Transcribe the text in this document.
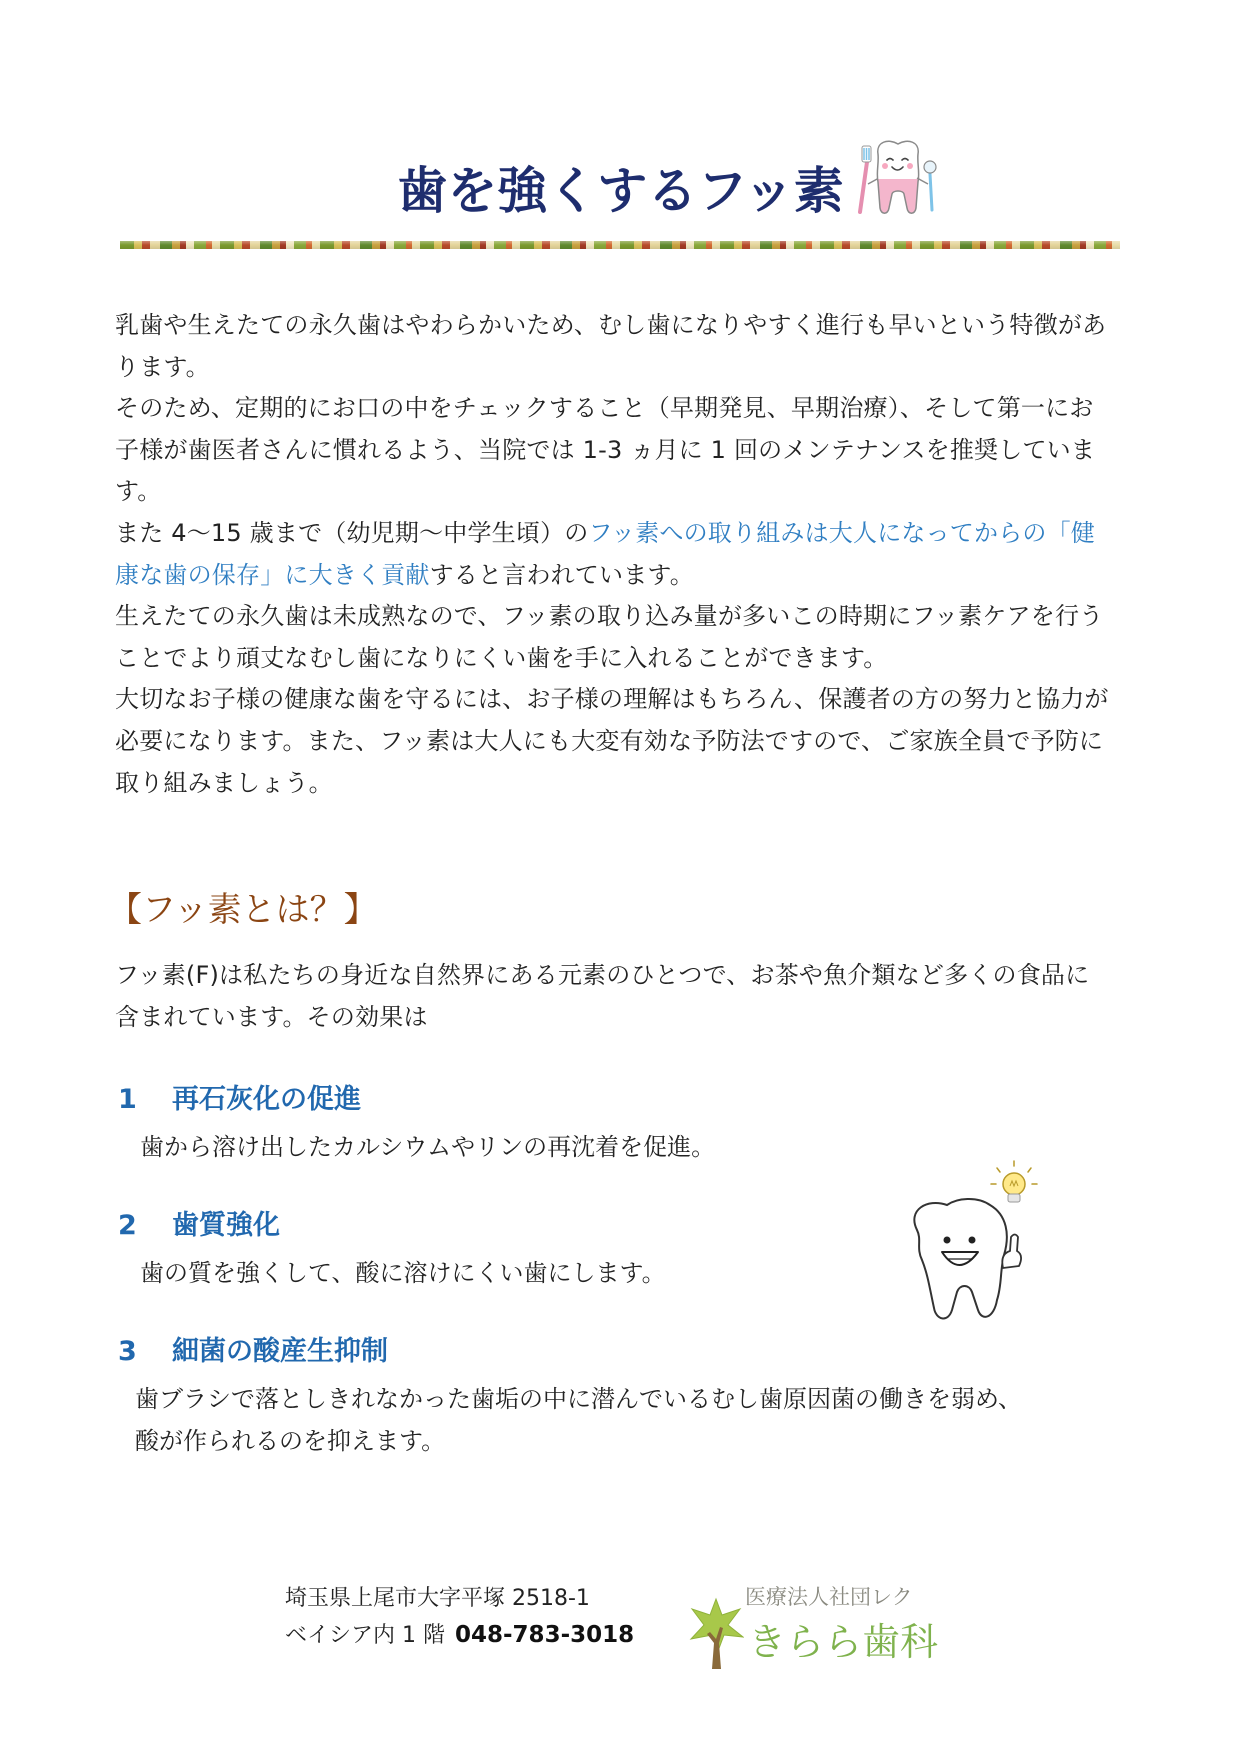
歯を強くするフッ素
乳歯や生えたての永久歯はやわらかいため、むし歯になりやすく進行も早いという特徴があ
ります。
そのため、定期的にお口の中をチェックすること（早期発見、早期治療）、そして第一にお
子様が歯医者さんに慣れるよう、当院では 1-3 ヵ月に 1 回のメンテナンスを推奨していま
す。
また 4〜15 歳まで（幼児期〜中学生頃）のフッ素への取り組みは大人になってからの「健
康な歯の保存」に大きく貢献すると言われています。
生えたての永久歯は未成熟なので、フッ素の取り込み量が多いこの時期にフッ素ケアを行う
ことでより頑丈なむし歯になりにくい歯を手に入れることができます。
大切なお子様の健康な歯を守るには、お子様の理解はもちろん、保護者の方の努力と協力が
必要になります。また、フッ素は大人にも大変有効な予防法ですので、ご家族全員で予防に
取り組みましょう。
【フッ素とは？】
フッ素(F)は私たちの身近な自然界にある元素のひとつで、お茶や魚介類など多くの食品に
含まれています。その効果は
1 再石灰化の促進
歯から溶け出したカルシウムやリンの再沈着を促進。
2 歯質強化
歯の質を強くして、酸に溶けにくい歯にします。
3 細菌の酸産生抑制
歯ブラシで落としきれなかった歯垢の中に潜んでいるむし歯原因菌の働きを弱め、
酸が作られるのを抑えます。
埼玉県上尾市大字平塚 2518-1
ベイシア内 1 階 048-783-3018
医療法人社団レク
きらら歯科
